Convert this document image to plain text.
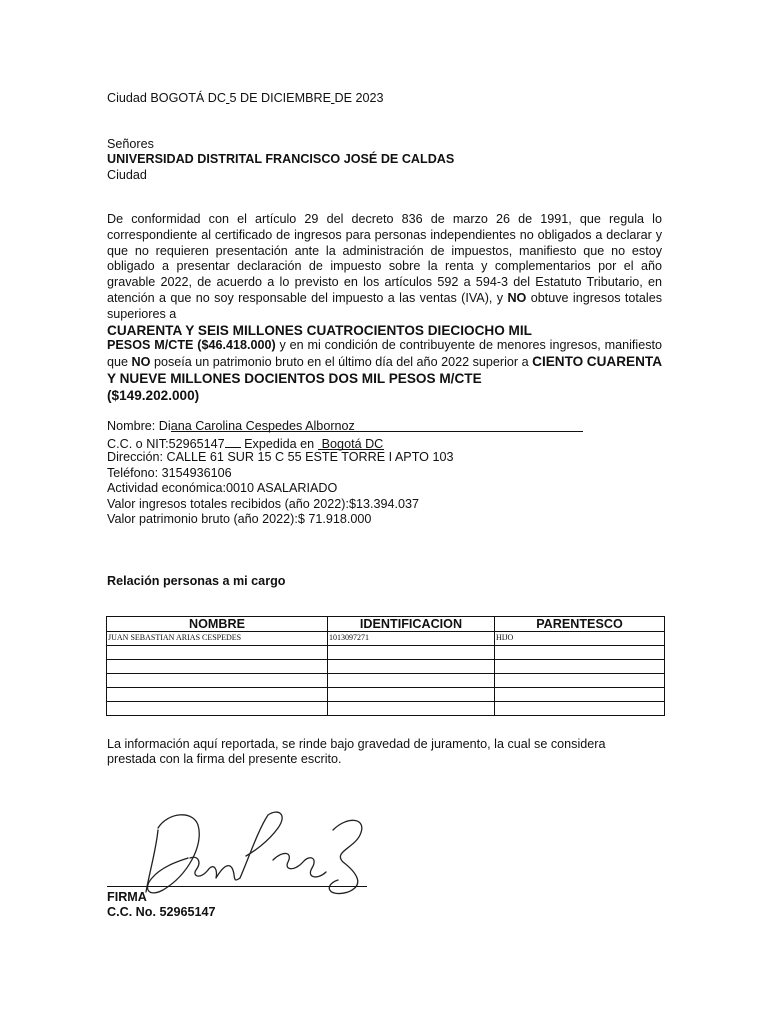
Ciudad BOGOTÁ DC 5 DE DICIEMBRE DE 2023
Señores
UNIVERSIDAD DISTRITAL FRANCISCO JOSÉ DE CALDAS
Ciudad
De conformidad con el artículo 29 del decreto 836 de marzo 26 de 1991, que regula lo correspondiente al certificado de ingresos para personas independientes no obligados a declarar y que no requieren presentación ante la administración de impuestos, manifiesto que no estoy obligado a presentar declaración de impuesto sobre la renta y complementarios por el año gravable 2022, de acuerdo a lo previsto en los artículos 592 a 594-3 del Estatuto Tributario, en atención a que no soy responsable del impuesto a las ventas (IVA), y NO obtuve ingresos totales superiores a
CUARENTA Y SEIS MILLONES CUATROCIENTOS DIECIOCHO MIL
PESOS M/CTE ($46.418.000) y en mi condición de contribuyente de menores ingresos, manifiesto que NO poseía un patrimonio bruto en el último día del año 2022 superior a CIENTO CUARENTA Y NUEVE MILLONES DOCIENTOS DOS MIL PESOS M/CTE
($149.202.000)
Nombre: Diana Carolina Cespedes Albornoz
C.C. o NIT:52965147 Expedida en Bogotá DC
Dirección: CALLE 61 SUR 15 C 55 ESTE TORRE I APTO 103
Teléfono: 3154936106
Actividad económica:0010 ASALARIADO
Valor ingresos totales recibidos (año 2022):$13.394.037
Valor patrimonio bruto (año 2022):$ 71.918.000
Relación personas a mi cargo
NOMBRE	IDENTIFICACION	PARENTESCO
JUAN SEBASTIAN ARIAS CESPEDES	1013097271	HIJO

La información aquí reportada, se rinde bajo gravedad de juramento, la cual se considera
prestada con la firma del presente escrito.
FIRMA
C.C. No. 52965147
